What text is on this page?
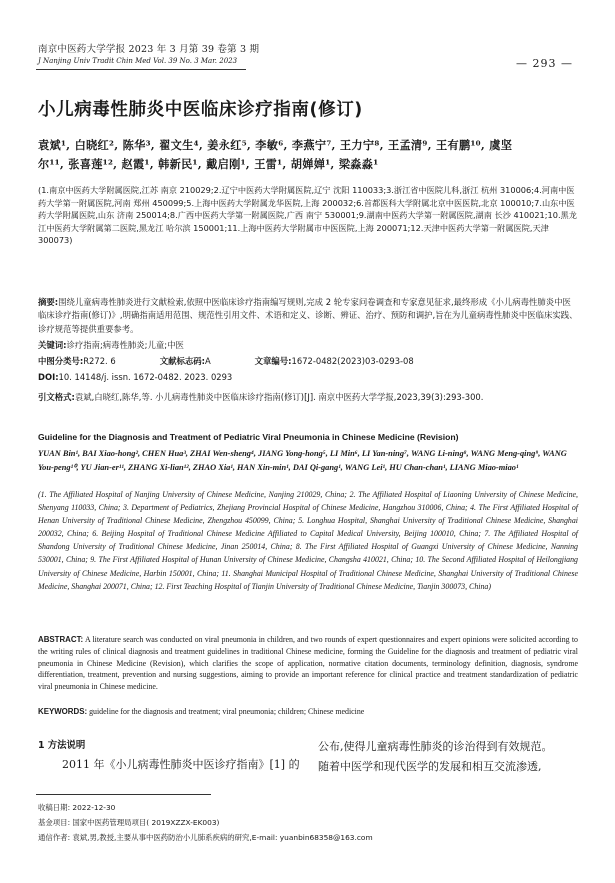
南京中医药大学学报 2023 年 3 月第 39 卷第 3 期
J Nanjing Univ Tradit Chin Med Vol. 39 No. 3 Mar. 2023	— 293 —
小儿病毒性肺炎中医临床诊疗指南(修订)
袁斌¹, 白晓红², 陈华³, 翟文生⁴, 姜永红⁵, 李敏⁶, 李燕宁⁷, 王力宁⁸, 王孟清⁹, 王有鹏¹⁰, 虞坚
尔¹¹, 张喜莲¹², 赵霞¹, 韩新民¹, 戴启刚¹, 王雷¹, 胡婵婵¹, 梁淼淼¹
(1.南京中医药大学附属医院,江苏 南京 210029;2.辽宁中医药大学附属医院,辽宁 沈阳 110033;3.浙江省中医院儿科,浙江 杭州 310006;4.河南中医药大学第一附属医院,河南 郑州 450099;5.上海中医药大学附属龙华医院,上海 200032;6.首都医科大学附属北京中医医院,北京 100010;7.山东中医药大学附属医院,山东 济南 250014;8.广西中医药大学第一附属医院,广西 南宁 530001;9.湖南中医药大学第一附属医院,湖南 长沙 410021;10.黑龙江中医药大学附属第二医院,黑龙江 哈尔滨 150001;11.上海中医药大学附属市中医医院,上海 200071;12.天津中医药大学第一附属医院,天津 300073)
摘要:围绕儿童病毒性肺炎进行文献检索,依照中医临床诊疗指南编写规则,完成 2 轮专家问卷调查和专家意见征求,最终形成《小儿病毒性肺炎中医临床诊疗指南(修订)》,明确指南适用范围、规范性引用文件、术语和定义、诊断、辨证、治疗、预防和调护,旨在为儿童病毒性肺炎中医临床实践、诊疗规范等提供重要参考。
关键词:诊疗指南;病毒性肺炎;儿童;中医
中图分类号:R272. 6	文献标志码:A	文章编号:1672-0482(2023)03-0293-08
DOI:10. 14148/j. issn. 1672-0482. 2023. 0293
引文格式:袁斌,白晓红,陈华,等. 小儿病毒性肺炎中医临床诊疗指南(修订)[J]. 南京中医药大学学报,2023,39(3):293-300.
Guideline for the Diagnosis and Treatment of Pediatric Viral Pneumonia in Chinese Medicine (Revision)
YUAN Bin¹, BAI Xiao-hong², CHEN Hua³, ZHAI Wen-sheng⁴, JIANG Yong-hong⁵, LI Min⁶, LI Yan-ning⁷, WANG Li-ning⁸, WANG Meng-qing⁹, WANG You-peng¹⁰, YU Jian-er¹¹, ZHANG Xi-lian¹², ZHAO Xia¹, HAN Xin-min¹, DAI Qi-gang¹, WANG Lei¹, HU Chan-chan¹, LIANG Miao-miao¹
(1. The Affiliated Hospital of Nanjing University of Chinese Medicine, Nanjing 210029, China; 2. The Affiliated Hospital of Liaoning University of Chinese Medicine, Shenyang 110033, China; 3. Department of Pediatrics, Zhejiang Provincial Hospital of Chinese Medicine, Hangzhou 310006, China; 4. The First Affiliated Hospital of Henan University of Traditional Chinese Medicine, Zhengzhou 450099, China; 5. Longhua Hospital, Shanghai University of Traditional Chinese Medicine, Shanghai 200032, China; 6. Beijing Hospital of Traditional Chinese Medicine Affiliated to Capital Medical University, Beijing 100010, China; 7. The Affiliated Hospital of Shandong University of Traditional Chinese Medicine, Jinan 250014, China; 8. The First Affiliated Hospital of Guangxi University of Chinese Medicine, Nanning 530001, China; 9. The First Affiliated Hospital of Hunan University of Chinese Medicine, Changsha 410021, China; 10. The Second Affiliated Hospital of Heilongjiang University of Chinese Medicine, Harbin 150001, China; 11. Shanghai Municipal Hospital of Traditional Chinese Medicine, Shanghai University of Traditional Chinese Medicine, Shanghai 200071, China; 12. First Teaching Hospital of Tianjin University of Traditional Chinese Medicine, Tianjin 300073, China)
ABSTRACT: A literature search was conducted on viral pneumonia in children, and two rounds of expert questionnaires and expert opinions were solicited according to the writing rules of clinical diagnosis and treatment guidelines in traditional Chinese medicine, forming the Guideline for the diagnosis and treatment of pediatric viral pneumonia in Chinese Medicine (Revision), which clarifies the scope of application, normative citation documents, terminology definition, diagnosis, syndrome differentiation, treatment, prevention and nursing suggestions, aiming to provide an important reference for clinical practice and treatment standardization of pediatric viral pneumonia in Chinese medicine.
KEYWORDS: guideline for the diagnosis and treatment; viral pneumonia; children; Chinese medicine
1 方法说明
2011 年《小儿病毒性肺炎中医诊疗指南》[1] 的
公布,使得儿童病毒性肺炎的诊治得到有效规范。
随着中医学和现代医学的发展和相互交流渗透,
收稿日期: 2022-12-30
基金项目: 国家中医药管理局项目( 2019XZZX-EK003)
通信作者: 袁斌,男,教授,主要从事中医药防治小儿肺系疾病的研究,E-mail: yuanbin68358@163.com
